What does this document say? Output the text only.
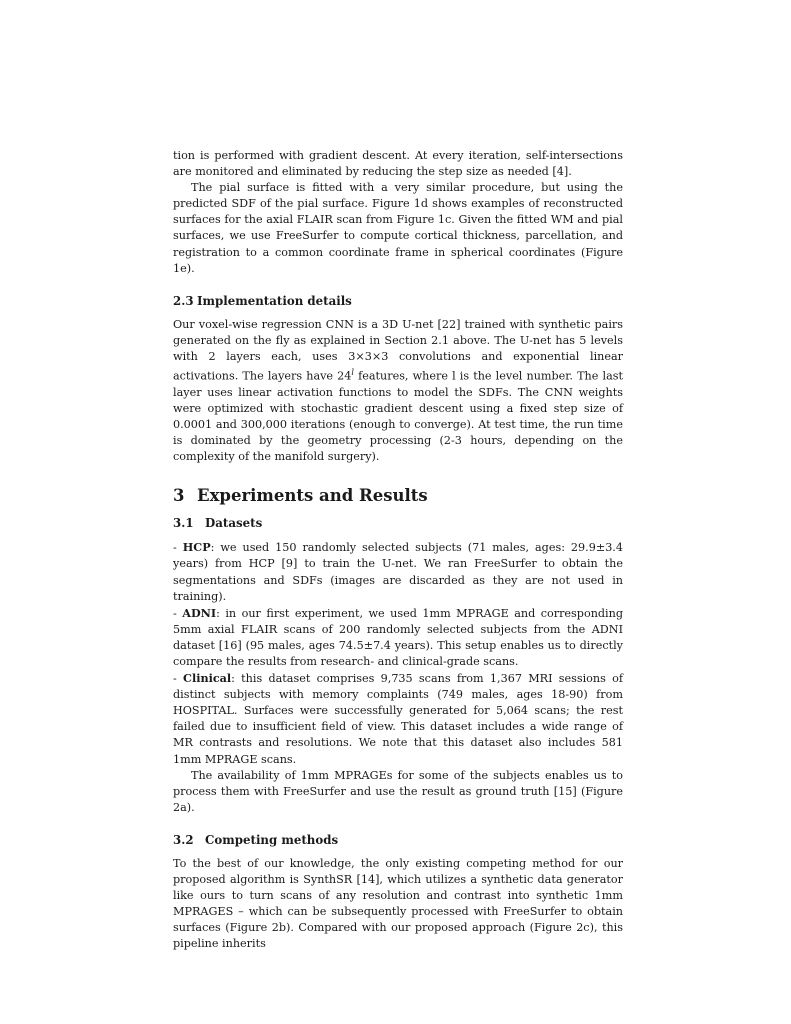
tion is performed with gradient descent. At every iteration, self-intersections are monitored and eliminated by reducing the step size as needed [4].

The pial surface is fitted with a very similar procedure, but using the predicted SDF of the pial surface. Figure 1d shows examples of reconstructed surfaces for the axial FLAIR scan from Figure 1c. Given the fitted WM and pial surfaces, we use FreeSurfer to compute cortical thickness, parcellation, and registration to a common coordinate frame in spherical coordinates (Figure 1e).

2.3 Implementation details

Our voxel-wise regression CNN is a 3D U-net [22] trained with synthetic pairs generated on the fly as explained in Section 2.1 above. The U-net has 5 levels with 2 layers each, uses 3×3×3 convolutions and exponential linear activations. The layers have 24$^l$ features, where l is the level number. The last layer uses linear activation functions to model the SDFs. The CNN weights were optimized with stochastic gradient descent using a fixed step size of 0.0001 and 300,000 iterations (enough to converge). At test time, the run time is dominated by the geometry processing (2-3 hours, depending on the complexity of the manifold surgery).

3 Experiments and Results
3.1 Datasets

- HCP: we used 150 randomly selected subjects (71 males, ages: 29.9±3.4 years) from HCP [9] to train the U-net. We ran FreeSurfer to obtain the segmentations and SDFs (images are discarded as they are not used in training).

- ADNI: in our first experiment, we used 1mm MPRAGE and corresponding 5mm axial FLAIR scans of 200 randomly selected subjects from the ADNI dataset [16] (95 males, ages 74.5±7.4 years). This setup enables us to directly compare the results from research- and clinical-grade scans.

- Clinical: this dataset comprises 9,735 scans from 1,367 MRI sessions of distinct subjects with memory complaints (749 males, ages 18-90) from HOSPITAL. Surfaces were successfully generated for 5,064 scans; the rest failed due to insufficient field of view. This dataset includes a wide range of MR contrasts and resolutions. We note that this dataset also includes 581 1mm MPRAGE scans.

The availability of 1mm MPRAGEs for some of the subjects enables us to process them with FreeSurfer and use the result as ground truth [15] (Figure 2a).

3.2 Competing methods

To the best of our knowledge, the only existing competing method for our proposed algorithm is SynthSR [14], which utilizes a synthetic data generator like ours to turn scans of any resolution and contrast into synthetic 1mm MPRAGES – which can be subsequently processed with FreeSurfer to obtain surfaces (Figure 2b). Compared with our proposed approach (Figure 2c), this pipeline inherits
